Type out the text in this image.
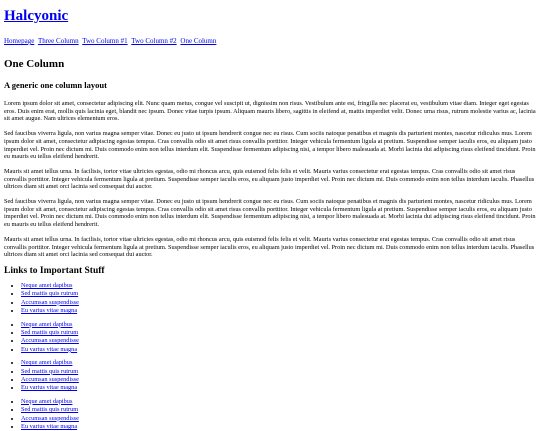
Halcyonic
Homepage Three Column Two Column #1 Two Column #2 One Column
One Column
A generic one column layout

Lorem ipsum dolor sit amet, consectetur adipiscing elit. Nunc quam metus, congue vel suscipit ut, dignissim non risus. Vestibulum ante est, fringilla nec placerat eu, vestibulum vitae diam. Integer eget egestas eros. Duis enim erat, mollis quis lacinia eget, blandit nec ipsum. Donec vitae turpis ipsum. Aliquam mauris libero, sagittis in eleifend at, mattis imperdiet velit. Donec urna risus, rutrum molestie varius ac, lacinia sit amet augue. Nam ultrices elementum eros.

Sed faucibus viverra ligula, non varius magna semper vitae. Donec eu justo ut ipsum hendrerit congue nec eu risus. Cum sociis natoque penatibus et magnis dis parturient montes, nascetur ridiculus mus. Lorem ipsum dolor sit amet, consectetur adipiscing egestas tempus. Cras convallis odio sit amet risus convallis porttitor. Integer vehicula fermentum ligula at pretium. Suspendisse semper iaculis eros, eu aliquam justo imperdiet vel. Proin nec dictum mi. Duis commodo enim non tellus interdum elit. Suspendisse fermentum adipiscing nisi, a tempor libero malesuada at. Morbi lacinia dui adipiscing risus eleifend tincidunt. Proin eu mauris eu tellus eleifend hendrerit.

Mauris sit amet tellus urna. In facilisis, tortor vitae ultricies egestas, odio mi rhoncus arcu, quis euismod felis felis et velit. Mauris varius consectetur erat egestas tempus. Cras convallis odio sit amet risus convallis porttitor. Integer vehicula fermentum ligula at pretium. Suspendisse semper iaculis eros, eu aliquam justo imperdiet vel. Proin nec dictum mi. Duis commodo enim non tellus interdum iaculis. Phasellus ultrices diam sit amet orci lacinia sed consequat dui auctor.

Sed faucibus viverra ligula, non varius magna semper vitae. Donec eu justo ut ipsum hendrerit congue nec eu risus. Cum sociis natoque penatibus et magnis dis parturient montes, nascetur ridiculus mus. Lorem ipsum dolor sit amet, consectetur adipiscing egestas tempus. Cras convallis odio sit amet risus convallis porttitor. Integer vehicula fermentum ligula at pretium. Suspendisse semper iaculis eros, eu aliquam justo imperdiet vel. Proin nec dictum mi. Duis commodo enim non tellus interdum elit. Suspendisse fermentum adipiscing nisi, a tempor libero malesuada at. Morbi lacinia dui adipiscing risus eleifend tincidunt. Proin eu mauris eu tellus eleifend hendrerit.

Mauris sit amet tellus urna. In facilisis, tortor vitae ultricies egestas, odio mi rhoncus arcu, quis euismod felis felis et velit. Mauris varius consectetur erat egestas tempus. Cras convallis odio sit amet risus convallis porttitor. Integer vehicula fermentum ligula at pretium. Suspendisse semper iaculis eros, eu aliquam justo imperdiet vel. Proin nec dictum mi. Duis commodo enim non tellus interdum iaculis. Phasellus ultrices diam sit amet orci lacinia sed consequat dui auctor.

Links to Important Stuff
• Neque amet dapibus
• Sed mattis quis rutrum
• Accumsan suspendisse
• Eu varius vitae magna
• Neque amet dapibus
• Sed mattis quis rutrum
• Accumsan suspendisse
• Eu varius vitae magna
• Neque amet dapibus
• Sed mattis quis rutrum
• Accumsan suspendisse
• Eu varius vitae magna
• Neque amet dapibus
• Sed mattis quis rutrum
• Accumsan suspendisse
• Eu varius vitae magna
